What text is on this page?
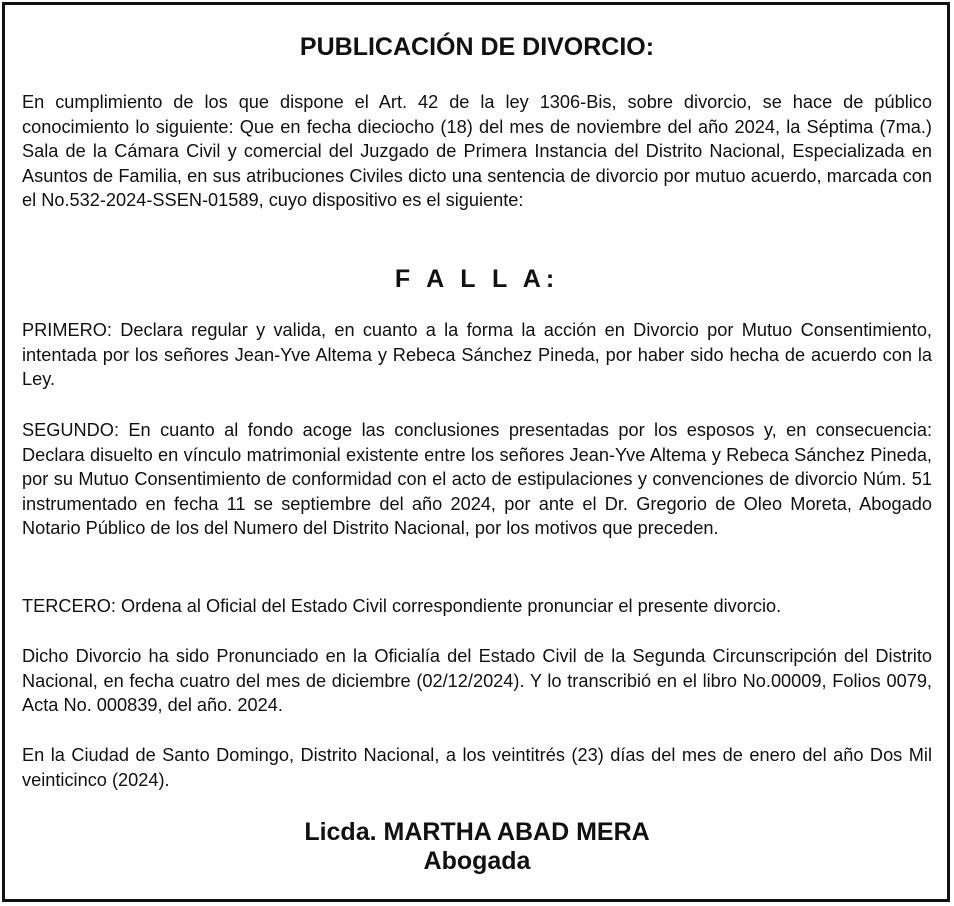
PUBLICACIÓN DE DIVORCIO:

En cumplimiento de los que dispone el Art. 42 de la ley 1306-Bis, sobre divorcio, se hace de público conocimiento lo siguiente: Que en fecha dieciocho (18) del mes de noviembre del año 2024, la Séptima (7ma.) Sala de la Cámara Civil y comercial del Juzgado de Primera Instancia del Distrito Nacional, Especializada en Asuntos de Familia, en sus atribuciones Civiles dicto una sentencia de divorcio por mutuo acuerdo, marcada con el No.532-2024-SSEN-01589, cuyo dispositivo es el siguiente:

F A L L A:

PRIMERO: Declara regular y valida, en cuanto a la forma la acción en Divorcio por Mutuo Consentimiento, intentada por los señores Jean-Yve Altema y Rebeca Sánchez Pineda, por haber sido hecha de acuerdo con la Ley.

SEGUNDO: En cuanto al fondo acoge las conclusiones presentadas por los esposos y, en consecuencia: Declara disuelto en vínculo matrimonial existente entre los señores Jean-Yve Altema y Rebeca Sánchez Pineda, por su Mutuo Consentimiento de conformidad con el acto de estipulaciones y convenciones de divorcio Núm. 51 instrumentado en fecha 11 se septiembre del año 2024, por ante el Dr. Gregorio de Oleo Moreta, Abogado Notario Público de los del Numero del Distrito Nacional, por los motivos que preceden.

TERCERO: Ordena al Oficial del Estado Civil correspondiente pronunciar el presente divorcio.

Dicho Divorcio ha sido Pronunciado en la Oficialía del Estado Civil de la Segunda Circunscripción del Distrito Nacional, en fecha cuatro del mes de diciembre (02/12/2024). Y lo transcribió en el libro No.00009, Folios 0079, Acta No. 000839, del año. 2024.

En la Ciudad de Santo Domingo, Distrito Nacional, a los veintitrés (23) días del mes de enero del año Dos Mil veinticinco (2024).

Licda. MARTHA ABAD MERA
Abogada
